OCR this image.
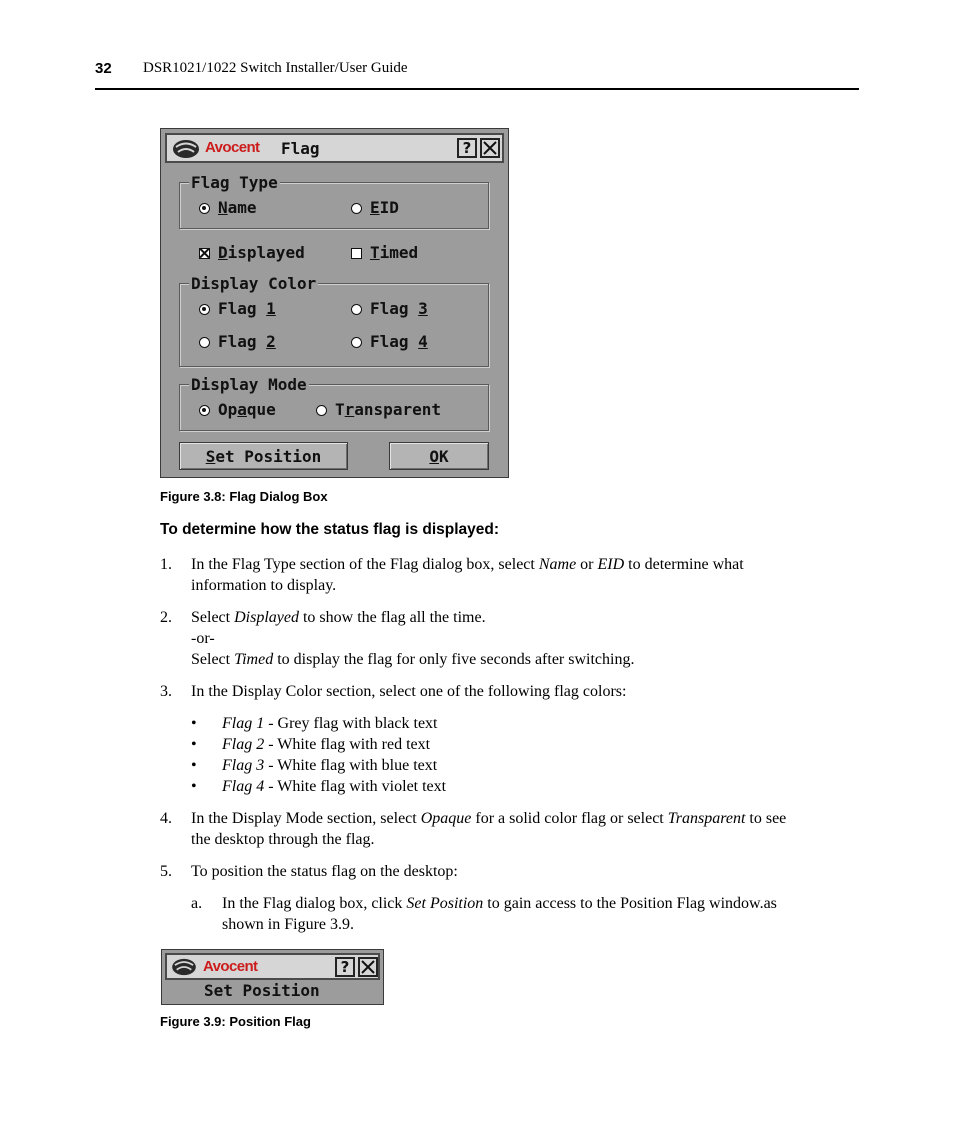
32 DSR1021/1022 Switch Installer/User Guide
Avocent Flag	?
Flag Type
Name	EID
Displayed	Timed
Display Color
Flag 1	Flag 3
Flag 2	Flag 4
Display Mode
Opaque	Transparent
S et Position	O K
Figure 3.8: Flag Dialog Box
To determine how the status flag is displayed:
1. In the Flag Type section of the Flag dialog box, select Name or EID to determine what
information to display.
2. Select Displayed to show the flag all the time.
-or-
Select Timed to display the flag for only five seconds after switching.
3. In the Display Color section, select one of the following flag colors:
• Flag 1 - Grey flag with black text
• Flag 2 - White flag with red text
• Flag 3 - White flag with blue text
• Flag 4 - White flag with violet text
4. In the Display Mode section, select Opaque for a solid color flag or select Transparent to see
the desktop through the flag.
5. To position the status flag on the desktop:
a. In the Flag dialog box, click Set Position to gain access to the Position Flag window.as
shown in Figure 3.9.
Avocent	?
Set Position
Figure 3.9: Position Flag
